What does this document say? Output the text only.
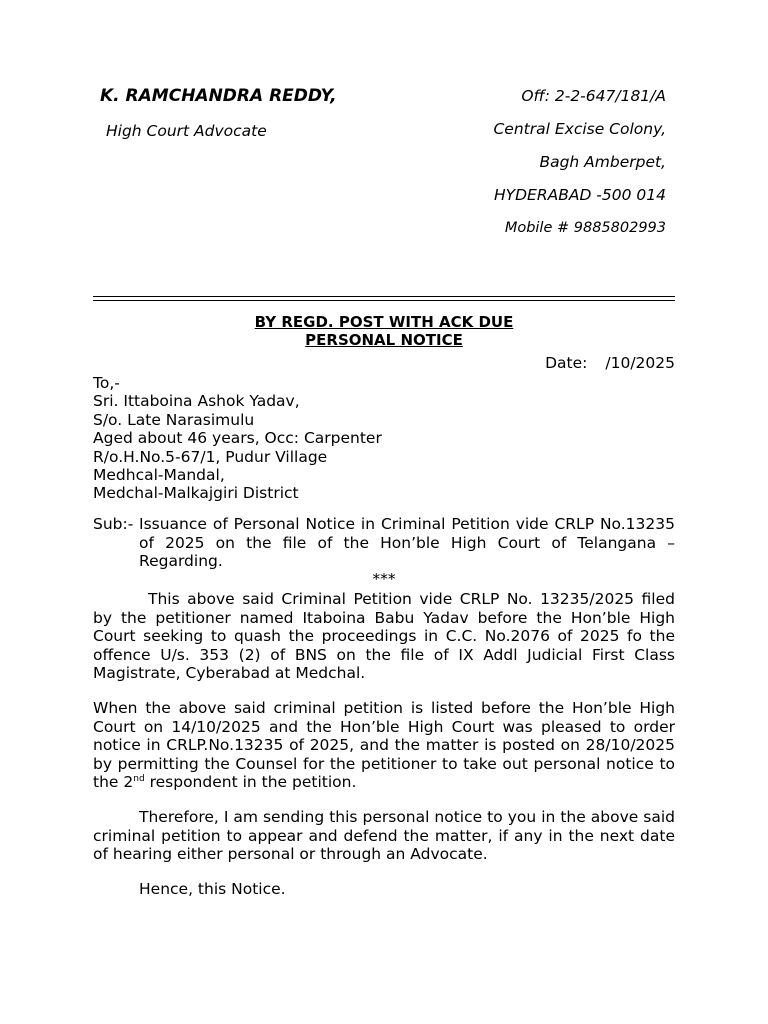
K. RAMCHANDRA REDDY,
High Court Advocate
Off: 2-2-647/181/A
Central Excise Colony,
Bagh Amberpet,
HYDERABAD -500 014
Mobile # 9885802993
BY REGD. POST WITH ACK DUE
PERSONAL NOTICE
Date: /10/2025
To,-
Sri. Ittaboina Ashok Yadav,
S/o. Late Narasimulu
Aged about 46 years, Occ: Carpenter
R/o.H.No.5-67/1, Pudur Village
Medhcal-Mandal,
Medchal-Malkajgiri District
Sub:- Issuance of Personal Notice in Criminal Petition vide CRLP No.13235 of 2025 on the file of the Hon’ble High Court of Telangana – Regarding.
***
This above said Criminal Petition vide CRLP No. 13235/2025 filed by the petitioner named Itaboina Babu Yadav before the Hon’ble High Court seeking to quash the proceedings in C.C. No.2076 of 2025 fo the offence U/s. 353 (2) of BNS on the file of IX Addl Judicial First Class Magistrate, Cyberabad at Medchal.
When the above said criminal petition is listed before the Hon’ble High Court on 14/10/2025 and the Hon’ble High Court was pleased to order notice in CRLP.No.13235 of 2025, and the matter is posted on 28/10/2025 by permitting the Counsel for the petitioner to take out personal notice to the 2nd respondent in the petition.
Therefore, I am sending this personal notice to you in the above said criminal petition to appear and defend the matter, if any in the next date of hearing either personal or through an Advocate.
Hence, this Notice.
